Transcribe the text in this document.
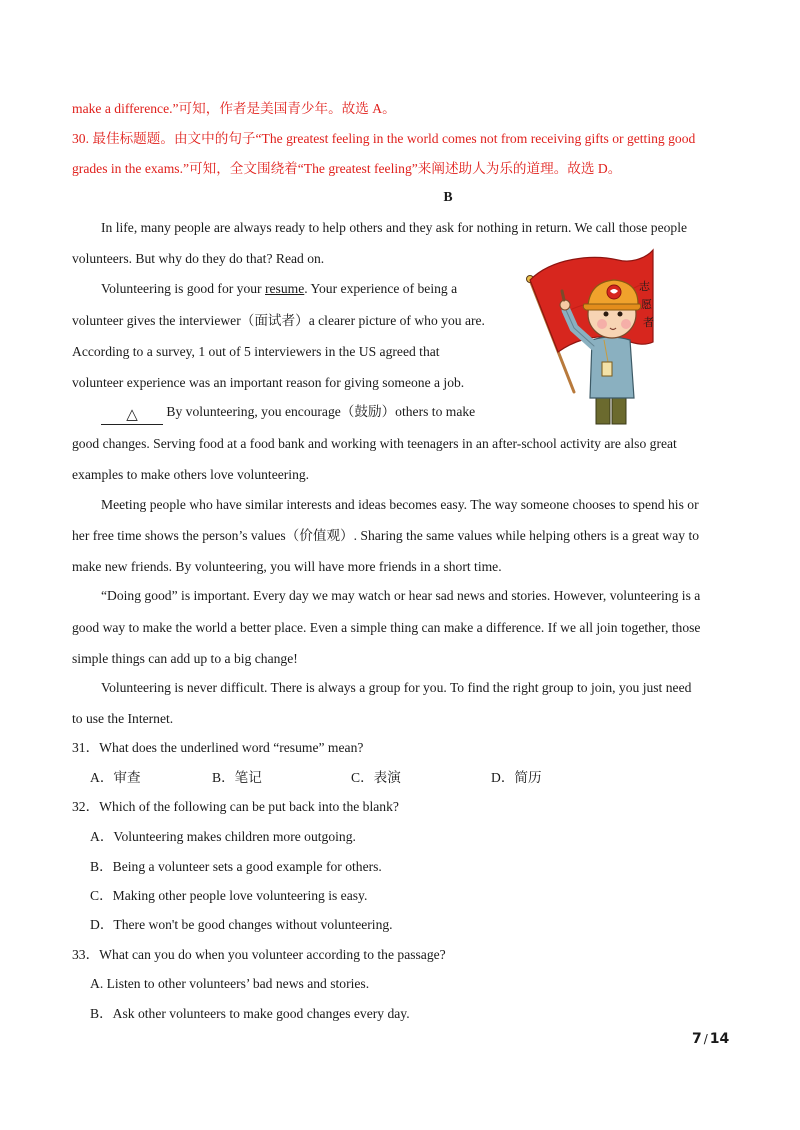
make a difference.”可知，作者是美国青少年。故选 A。
30. 最佳标题题。由文中的句子“The greatest feeling in the world comes not from receiving gifts or getting good
grades in the exams.”可知，全文围绕着“The greatest feeling”来阐述助人为乐的道理。故选 D。
B
In life, many people are always ready to help others and they ask for nothing in return. We call those people
volunteers. But why do they do that? Read on.
Volunteering is good for your resume. Your experience of being a
volunteer gives the interviewer（面试者）a clearer picture of who you are.
According to a survey, 1 out of 5 interviewers in the US agreed that
volunteer experience was an important reason for giving someone a job.
△ By volunteering, you encourage（鼓励）others to make
good changes. Serving food at a food bank and working with teenagers in an after-school activity are also great
examples to make others love volunteering.
Meeting people who have similar interests and ideas becomes easy. The way someone chooses to spend his or
her free time shows the person’s values（价值观）. Sharing the same values while helping others is a great way to
make new friends. By volunteering, you will have more friends in a short time.
“Doing good” is important. Every day we may watch or hear sad news and stories. However, volunteering is a
good way to make the world a better place. Even a simple thing can make a difference. If we all join together, those
simple things can add up to a big change!
Volunteering is never difficult. There is always a group for you. To find the right group to join, you just need
to use the Internet.
31．What does the underlined word “resume” mean?
A．审查	B．笔记	C．表演	D．简历
32．Which of the following can be put back into the blank?
A．Volunteering makes children more outgoing.
B．Being a volunteer sets a good example for others.
C．Making other people love volunteering is easy.
D．There won't be good changes without volunteering.
33．What can you do when you volunteer according to the passage?
A. Listen to other volunteers’ bad news and stories.
B．Ask other volunteers to make good changes every day.
7 / 14
志
愿
者
